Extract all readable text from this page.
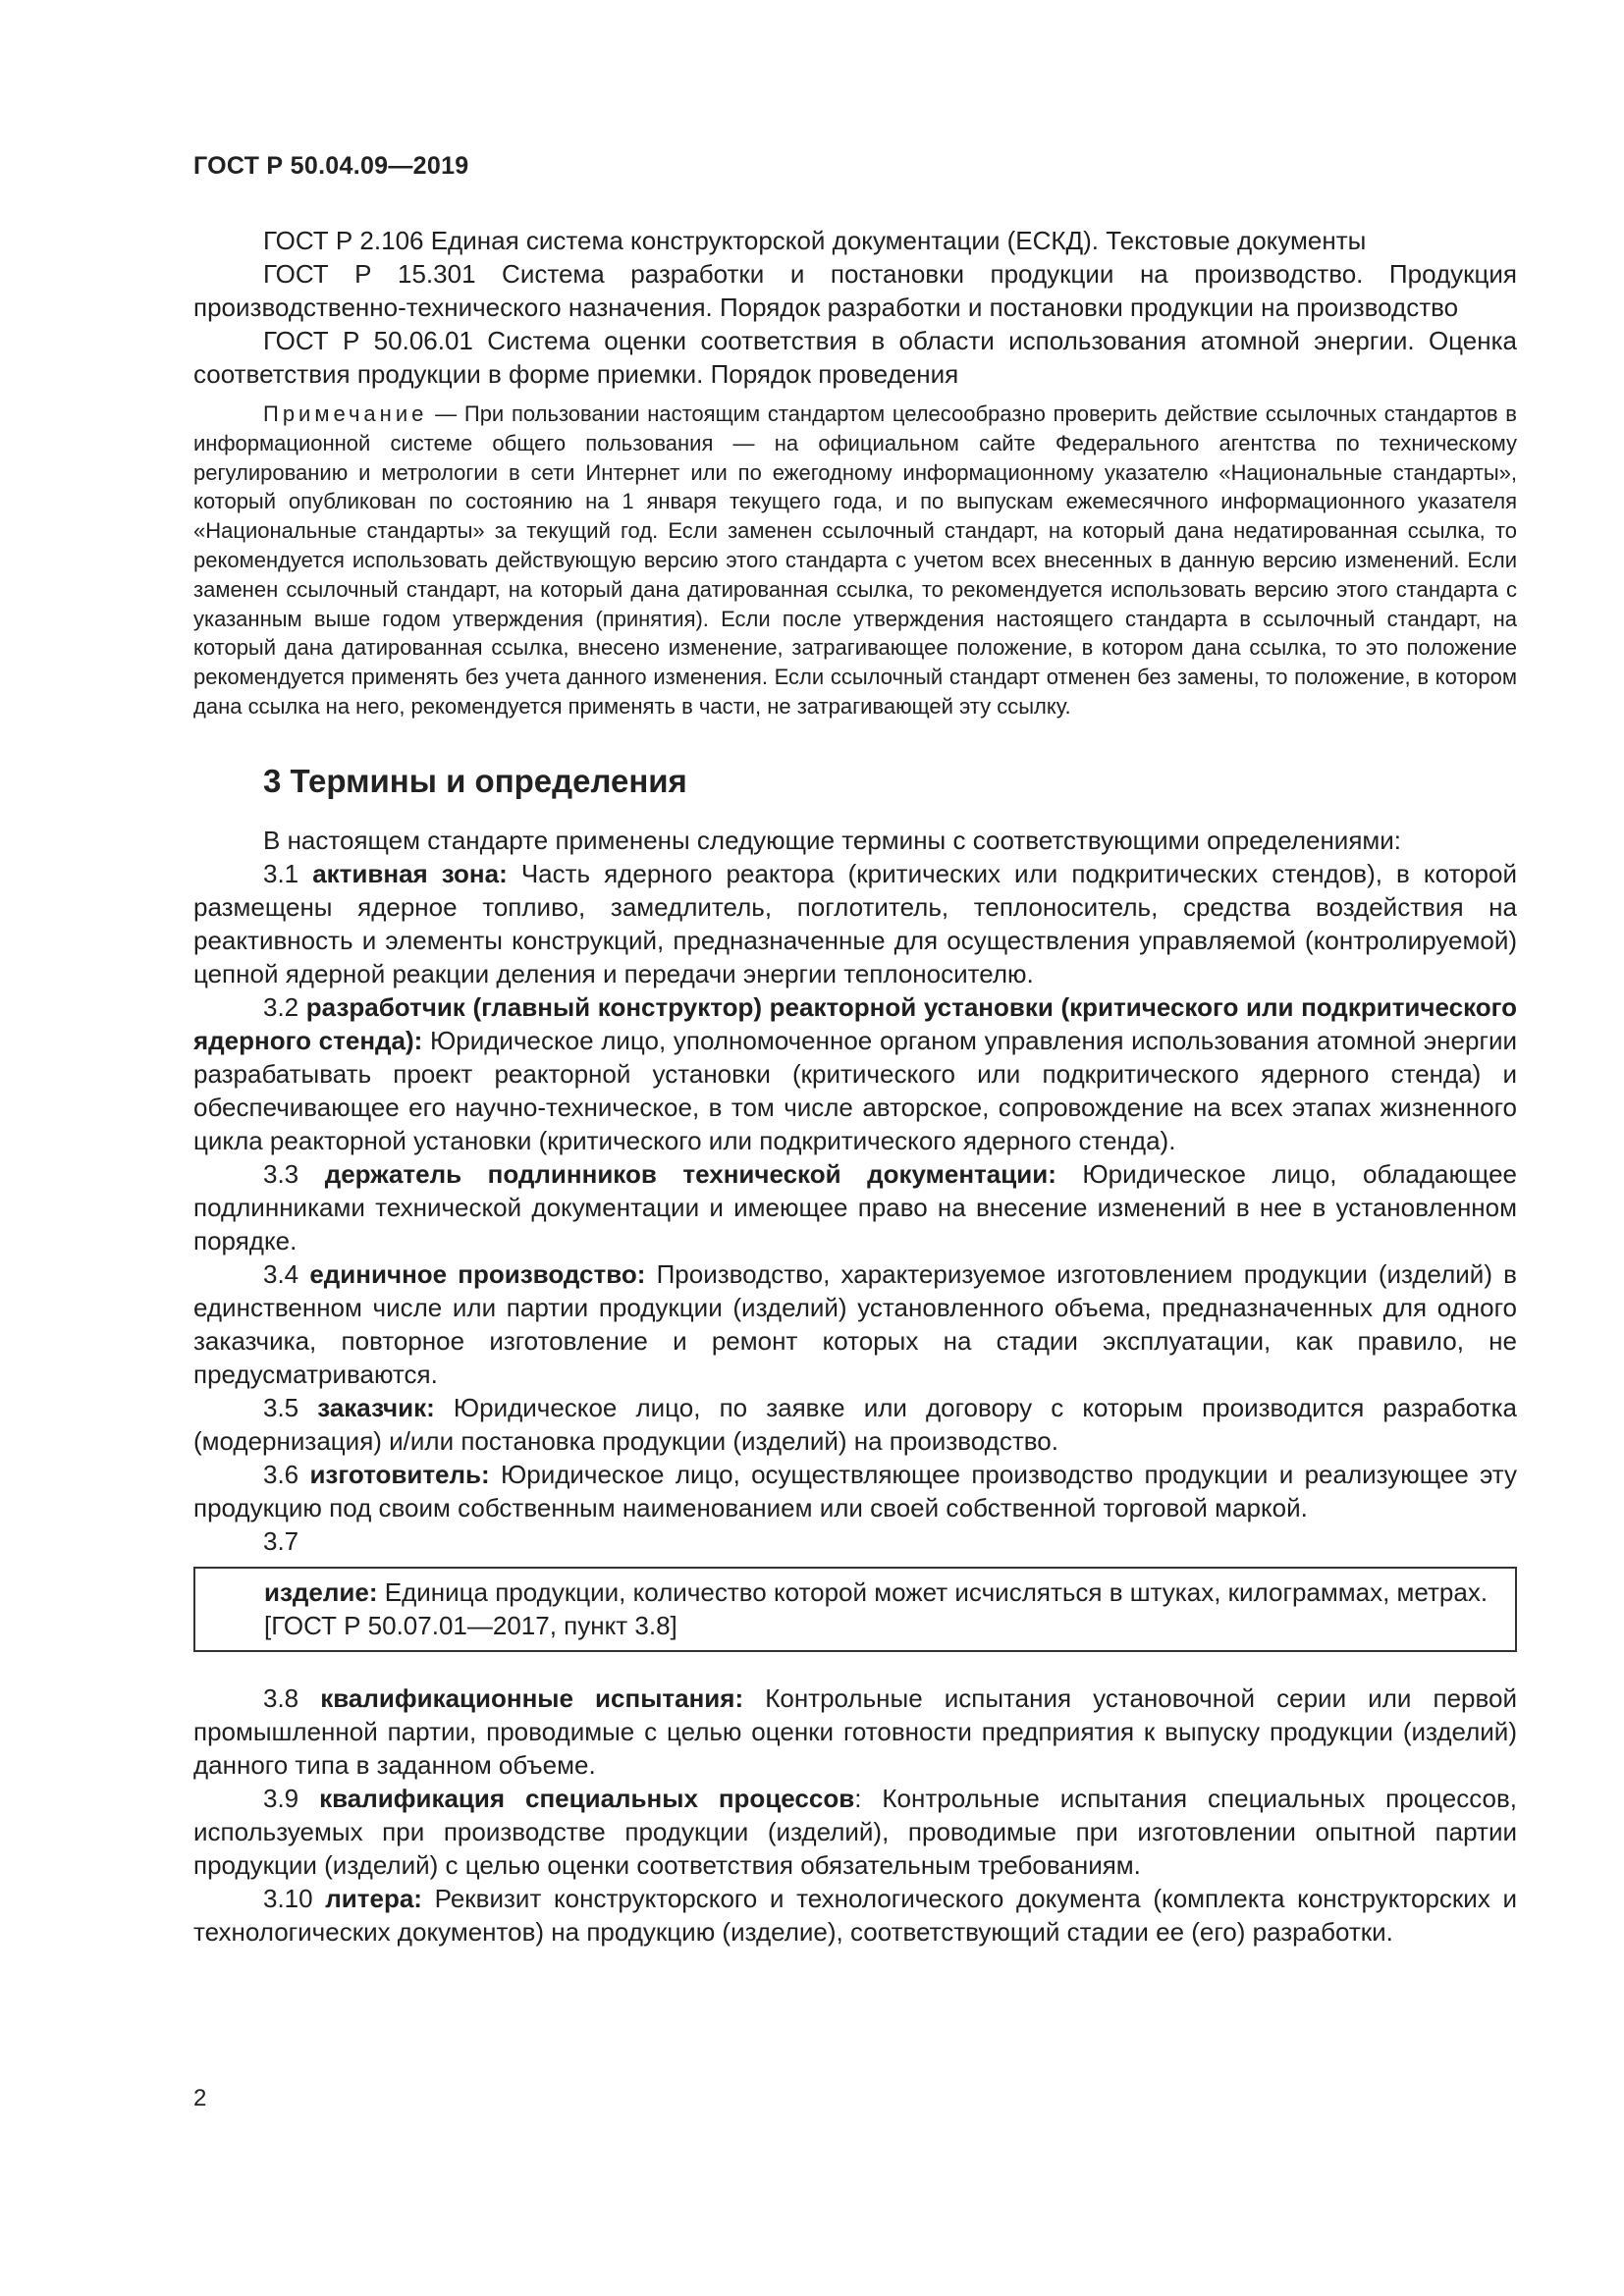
ГОСТ Р 50.04.09—2019

ГОСТ Р 2.106 Единая система конструкторской документации (ЕСКД). Текстовые документы

ГОСТ Р 15.301 Система разработки и постановки продукции на производство. Продукция производственно-технического назначения. Порядок разработки и постановки продукции на производство

ГОСТ Р 50.06.01 Система оценки соответствия в области использования атомной энергии. Оценка соответствия продукции в форме приемки. Порядок проведения

Примечание — При пользовании настоящим стандартом целесообразно проверить действие ссылочных стандартов в информационной системе общего пользования — на официальном сайте Федерального агентства по техническому регулированию и метрологии в сети Интернет или по ежегодному информационному указателю «Национальные стандарты», который опубликован по состоянию на 1 января текущего года, и по выпускам ежемесячного информационного указателя «Национальные стандарты» за текущий год. Если заменен ссылочный стандарт, на который дана недатированная ссылка, то рекомендуется использовать действующую версию этого стандарта с учетом всех внесенных в данную версию изменений. Если заменен ссылочный стандарт, на который дана датированная ссылка, то рекомендуется использовать версию этого стандарта с указанным выше годом утверждения (принятия). Если после утверждения настоящего стандарта в ссылочный стандарт, на который дана датированная ссылка, внесено изменение, затрагивающее положение, в котором дана ссылка, то это положение рекомендуется применять без учета данного изменения. Если ссылочный стандарт отменен без замены, то положение, в котором дана ссылка на него, рекомендуется применять в части, не затрагивающей эту ссылку.

3 Термины и определения

В настоящем стандарте применены следующие термины с соответствующими определениями:

3.1 активная зона: Часть ядерного реактора (критических или подкритических стендов), в которой размещены ядерное топливо, замедлитель, поглотитель, теплоноситель, средства воздействия на реактивность и элементы конструкций, предназначенные для осуществления управляемой (контролируемой) цепной ядерной реакции деления и передачи энергии теплоносителю.

3.2 разработчик (главный конструктор) реакторной установки (критического или подкритического ядерного стенда): Юридическое лицо, уполномоченное органом управления использования атомной энергии разрабатывать проект реакторной установки (критического или подкритического ядерного стенда) и обеспечивающее его научно-техническое, в том числе авторское, сопровождение на всех этапах жизненного цикла реакторной установки (критического или подкритического ядерного стенда).

3.3 держатель подлинников технической документации: Юридическое лицо, обладающее подлинниками технической документации и имеющее право на внесение изменений в нее в установленном порядке.

3.4 единичное производство: Производство, характеризуемое изготовлением продукции (изделий) в единственном числе или партии продукции (изделий) установленного объема, предназначенных для одного заказчика, повторное изготовление и ремонт которых на стадии эксплуатации, как правило, не предусматриваются.

3.5 заказчик: Юридическое лицо, по заявке или договору с которым производится разработка (модернизация) и/или постановка продукции (изделий) на производство.

3.6 изготовитель: Юридическое лицо, осуществляющее производство продукции и реализующее эту продукцию под своим собственным наименованием или своей собственной торговой маркой.

3.7

изделие: Единица продукции, количество которой может исчисляться в штуках, килограммах, метрах.

[ГОСТ Р 50.07.01—2017, пункт 3.8]

3.8 квалификационные испытания: Контрольные испытания установочной серии или первой промышленной партии, проводимые с целью оценки готовности предприятия к выпуску продукции (изделий) данного типа в заданном объеме.

3.9 квалификация специальных процессов: Контрольные испытания специальных процессов, используемых при производстве продукции (изделий), проводимые при изготовлении опытной партии продукции (изделий) с целью оценки соответствия обязательным требованиям.

3.10 литера: Реквизит конструкторского и технологического документа (комплекта конструкторских и технологических документов) на продукцию (изделие), соответствующий стадии ее (его) разработки.

2
